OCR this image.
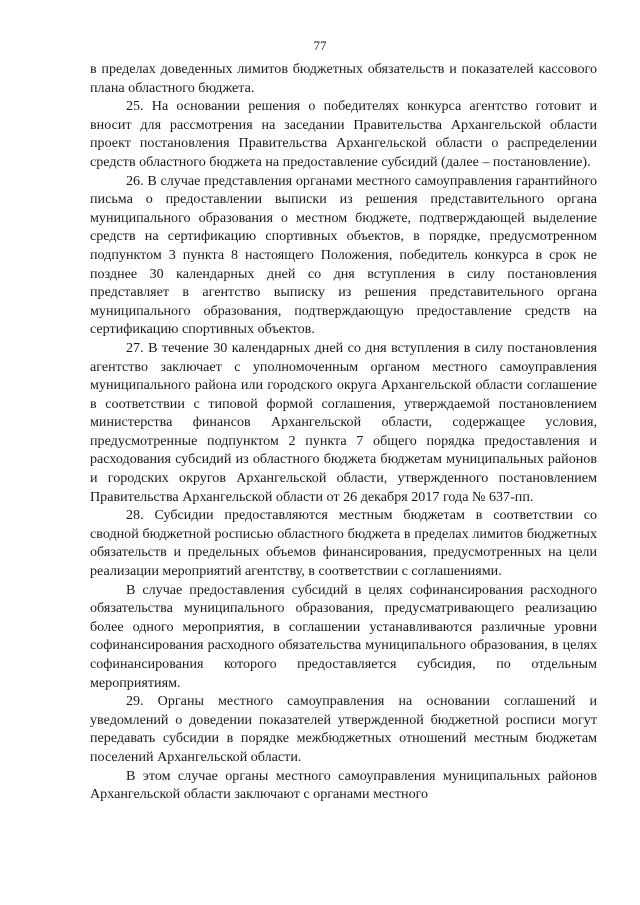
77

в пределах доведенных лимитов бюджетных обязательств и показателей кассового плана областного бюджета.

25. На основании решения о победителях конкурса агентство готовит и вносит для рассмотрения на заседании Правительства Архангельской области проект постановления Правительства Архангельской области о распределении средств областного бюджета на предоставление субсидий (далее – постановление).

26. В случае представления органами местного самоуправления гарантийного письма о предоставлении выписки из решения представительного органа муниципального образования о местном бюджете, подтверждающей выделение средств на сертификацию спортивных объектов, в порядке, предусмотренном подпунктом 3 пункта 8 настоящего Положения, победитель конкурса в срок не позднее 30 календарных дней со дня вступления в силу постановления представляет в агентство выписку из решения представительного органа муниципального образования, подтверждающую предоставление средств на сертификацию спортивных объектов.

27. В течение 30 календарных дней со дня вступления в силу постановления агентство заключает с уполномоченным органом местного самоуправления муниципального района или городского округа Архангельской области соглашение в соответствии с типовой формой соглашения, утверждаемой постановлением министерства финансов Архангельской области, содержащее условия, предусмотренные подпунктом 2 пункта 7 общего порядка предоставления и расходования субсидий из областного бюджета бюджетам муниципальных районов и городских округов Архангельской области, утвержденного постановлением Правительства Архангельской области от 26 декабря 2017 года № 637-пп.

28. Субсидии предоставляются местным бюджетам в соответствии со сводной бюджетной росписью областного бюджета в пределах лимитов бюджетных обязательств и предельных объемов финансирования, предусмотренных на цели реализации мероприятий агентству, в соответствии с соглашениями.

В случае предоставления субсидий в целях софинансирования расходного обязательства муниципального образования, предусматривающего реализацию более одного мероприятия, в соглашении устанавливаются различные уровни софинансирования расходного обязательства муниципального образования, в целях софинансирования которого предоставляется субсидия, по отдельным мероприятиям.

29. Органы местного самоуправления на основании соглашений и уведомлений о доведении показателей утвержденной бюджетной росписи могут передавать субсидии в порядке межбюджетных отношений местным бюджетам поселений Архангельской области.

В этом случае органы местного самоуправления муниципальных районов Архангельской области заключают с органами местного
